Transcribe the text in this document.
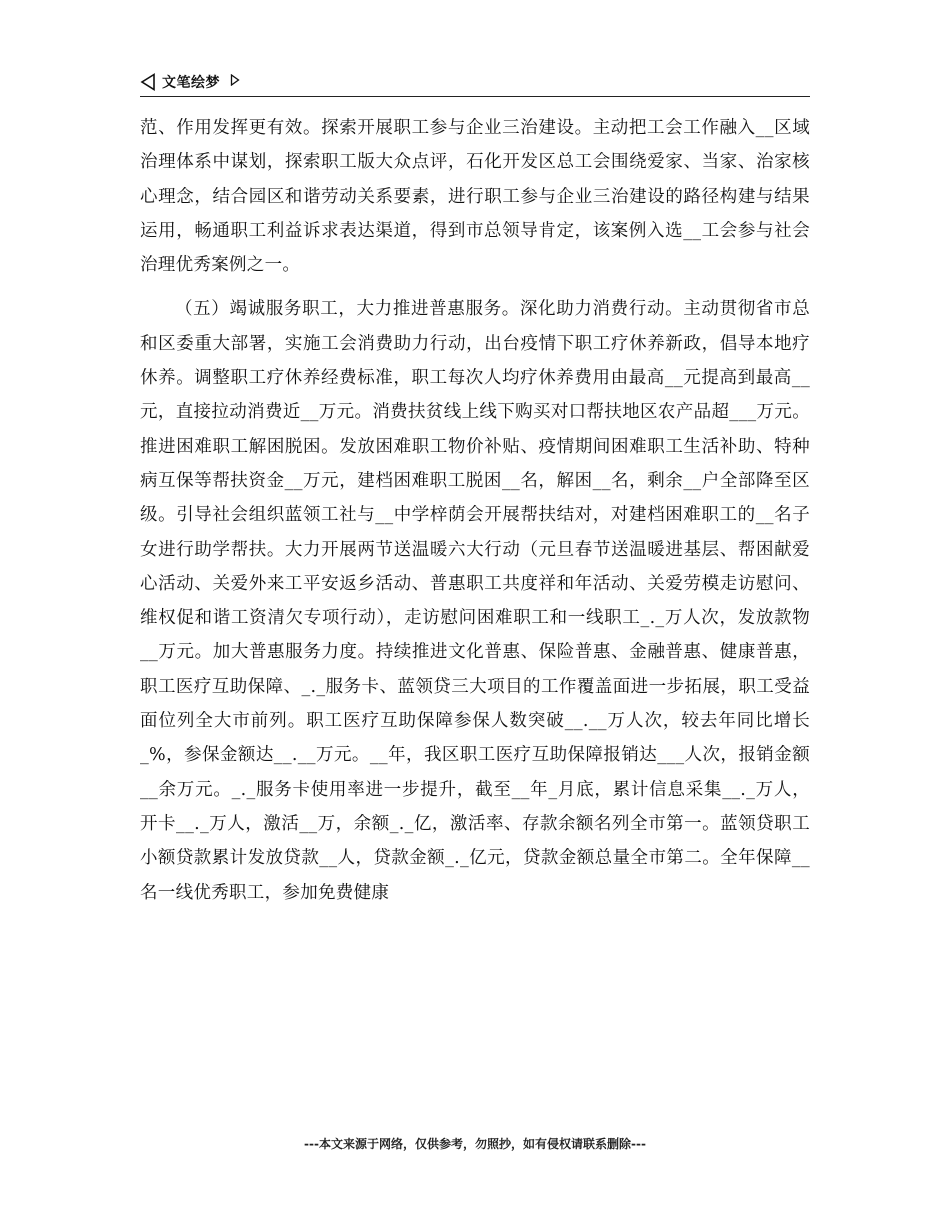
文笔绘梦

范、作用发挥更有效。探索开展职工参与企业三治建设。主动把工会工作融入__区域治理体系中谋划，探索职工版大众点评，石化开发区总工会围绕爱家、当家、治家核心理念，结合园区和谐劳动关系要素，进行职工参与企业三治建设的路径构建与结果运用，畅通职工利益诉求表达渠道，得到市总领导肯定，该案例入选__工会参与社会治理优秀案例之一。

（五）竭诚服务职工，大力推进普惠服务。深化助力消费行动。主动贯彻省市总和区委重大部署，实施工会消费助力行动，出台疫情下职工疗休养新政，倡导本地疗休养。调整职工疗休养经费标准，职工每次人均疗休养费用由最高__元提高到最高__元，直接拉动消费近__万元。消费扶贫线上线下购买对口帮扶地区农产品超___万元。推进困难职工解困脱困。发放困难职工物价补贴、疫情期间困难职工生活补助、特种病互保等帮扶资金__万元，建档困难职工脱困__名，解困__名，剩余__户全部降至区级。引导社会组织蓝领工社与__中学梓荫会开展帮扶结对，对建档困难职工的__名子女进行助学帮扶。大力开展两节送温暖六大行动（元旦春节送温暖进基层、帮困献爱心活动、关爱外来工平安返乡活动、普惠职工共度祥和年活动、关爱劳模走访慰问、维权促和谐工资清欠专项行动），走访慰问困难职工和一线职工_._万人次，发放款物__万元。加大普惠服务力度。持续推进文化普惠、保险普惠、金融普惠、健康普惠，职工医疗互助保障、_._服务卡、蓝领贷三大项目的工作覆盖面进一步拓展，职工受益面位列全大市前列。职工医疗互助保障参保人数突破__.__万人次，较去年同比增长_%，参保金额达__.__万元。__年，我区职工医疗互助保障报销达___人次，报销金额__余万元。_._服务卡使用率进一步提升，截至__年_月底，累计信息采集__._万人，开卡__._万人，激活__万，余额_._亿，激活率、存款余额名列全市第一。蓝领贷职工小额贷款累计发放贷款__人，贷款金额_._亿元，贷款金额总量全市第二。全年保障__名一线优秀职工，参加免费健康

---本文来源于网络，仅供参考，勿照抄，如有侵权请联系删除---
